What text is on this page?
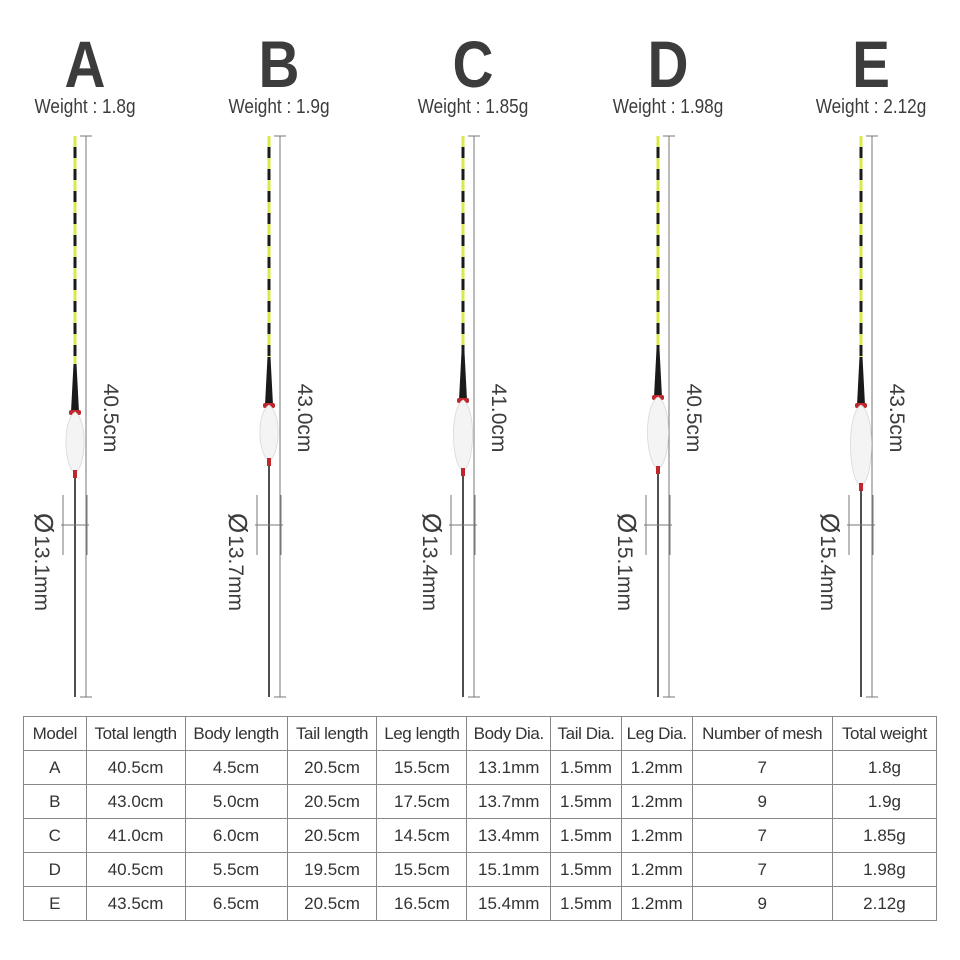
A
Weight : 1.8g
40.5cm
Ø13.1mm
B
Weight : 1.9g
43.0cm
Ø13.7mm
C
Weight : 1.85g
41.0cm
Ø13.4mm
D
Weight : 1.98g
40.5cm
Ø15.1mm
E
Weight : 2.12g
43.5cm
Ø15.4mm
Model	Total length	Body length	Tail length	Leg length	Body Dia.	Tail Dia.	Leg Dia.	Number of mesh	Total weight
A	40.5cm	4.5cm	20.5cm	15.5cm	13.1mm	1.5mm	1.2mm	7	1.8g
B	43.0cm	5.0cm	20.5cm	17.5cm	13.7mm	1.5mm	1.2mm	9	1.9g
C	41.0cm	6.0cm	20.5cm	14.5cm	13.4mm	1.5mm	1.2mm	7	1.85g
D	40.5cm	5.5cm	19.5cm	15.5cm	15.1mm	1.5mm	1.2mm	7	1.98g
E	43.5cm	6.5cm	20.5cm	16.5cm	15.4mm	1.5mm	1.2mm	9	2.12g
